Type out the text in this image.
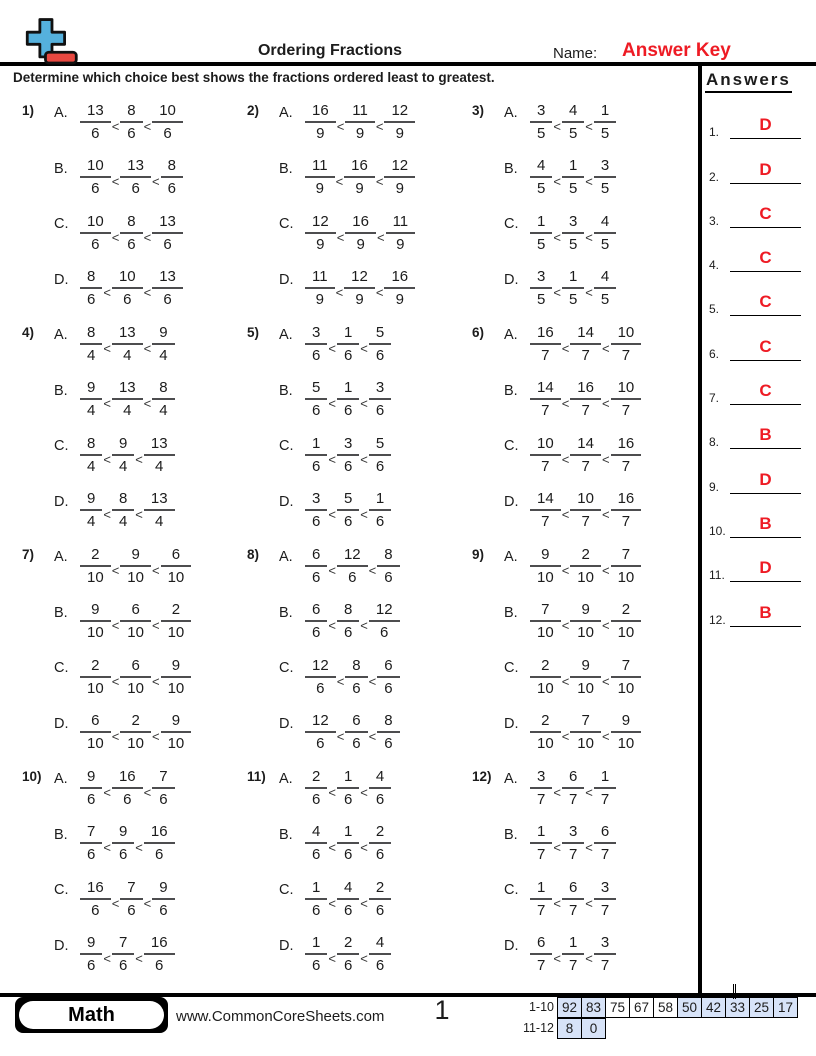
Ordering Fractions	Name: Answer Key
Determine which choice best shows the fractions ordered least to greatest.	Answers
1.	D
2.	D
3.	C
4.	C
5.	C
6.	C
7.	C
8.	B
9.	D
10.	B
11.	D
12.	B
1)	A. $\frac{13}{6} < \frac{8}{6} < \frac{10}{6}$
B. $\frac{10}{6} < \frac{13}{6} < \frac{8}{6}$
C. $\frac{10}{6} < \frac{8}{6} < \frac{13}{6}$
D. $\frac{8}{6} < \frac{10}{6} < \frac{13}{6}$
2)	A. $\frac{16}{9} < \frac{11}{9} < \frac{12}{9}$
B. $\frac{11}{9} < \frac{16}{9} < \frac{12}{9}$
C. $\frac{12}{9} < \frac{16}{9} < \frac{11}{9}$
D. $\frac{11}{9} < \frac{12}{9} < \frac{16}{9}$
3)	A. $\frac{3}{5} < \frac{4}{5} < \frac{1}{5}$
B. $\frac{4}{5} < \frac{1}{5} < \frac{3}{5}$
C. $\frac{1}{5} < \frac{3}{5} < \frac{4}{5}$
D. $\frac{3}{5} < \frac{1}{5} < \frac{4}{5}$
4)	A. $\frac{8}{4} < \frac{13}{4} < \frac{9}{4}$
B. $\frac{9}{4} < \frac{13}{4} < \frac{8}{4}$
C. $\frac{8}{4} < \frac{9}{4} < \frac{13}{4}$
D. $\frac{9}{4} < \frac{8}{4} < \frac{13}{4}$
5)	A. $\frac{3}{6} < \frac{1}{6} < \frac{5}{6}$
B. $\frac{5}{6} < \frac{1}{6} < \frac{3}{6}$
C. $\frac{1}{6} < \frac{3}{6} < \frac{5}{6}$
D. $\frac{3}{6} < \frac{5}{6} < \frac{1}{6}$
6)	A. $\frac{16}{7} < \frac{14}{7} < \frac{10}{7}$
B. $\frac{14}{7} < \frac{16}{7} < \frac{10}{7}$
C. $\frac{10}{7} < \frac{14}{7} < \frac{16}{7}$
D. $\frac{14}{7} < \frac{10}{7} < \frac{16}{7}$
7)	A. $\frac{2}{10} < \frac{9}{10} < \frac{6}{10}$
B. $\frac{9}{10} < \frac{6}{10} < \frac{2}{10}$
C. $\frac{2}{10} < \frac{6}{10} < \frac{9}{10}$
D. $\frac{6}{10} < \frac{2}{10} < \frac{9}{10}$
8)	A. $\frac{6}{6} < \frac{12}{6} < \frac{8}{6}$
B. $\frac{6}{6} < \frac{8}{6} < \frac{12}{6}$
C. $\frac{12}{6} < \frac{8}{6} < \frac{6}{6}$
D. $\frac{12}{6} < \frac{6}{6} < \frac{8}{6}$
9)	A. $\frac{9}{10} < \frac{2}{10} < \frac{7}{10}$
B. $\frac{7}{10} < \frac{9}{10} < \frac{2}{10}$
C. $\frac{2}{10} < \frac{9}{10} < \frac{7}{10}$
D. $\frac{2}{10} < \frac{7}{10} < \frac{9}{10}$
10) A. $\frac{9}{6} < \frac{16}{6} < \frac{7}{6}$
B. $\frac{7}{6} < \frac{9}{6} < \frac{16}{6}$
C. $\frac{16}{6} < \frac{7}{6} < \frac{9}{6}$
D. $\frac{9}{6} < \frac{7}{6} < \frac{16}{6}$
11) A. $\frac{2}{6} < \frac{1}{6} < \frac{4}{6}$
B. $\frac{4}{6} < \frac{1}{6} < \frac{2}{6}$
C. $\frac{1}{6} < \frac{4}{6} < \frac{2}{6}$
D. $\frac{1}{6} < \frac{2}{6} < \frac{4}{6}$
12) A. $\frac{3}{7} < \frac{6}{7} < \frac{1}{7}$
B. $\frac{1}{7} < \frac{3}{7} < \frac{6}{7}$
C. $\frac{1}{7} < \frac{6}{7} < \frac{3}{7}$
D. $\frac{6}{7} < \frac{1}{7} < \frac{3}{7}$
Math	www.CommonCoreSheets.com	1	1-10 92 83 75 67 58 50 42 33 25 17
11-12 8	0
